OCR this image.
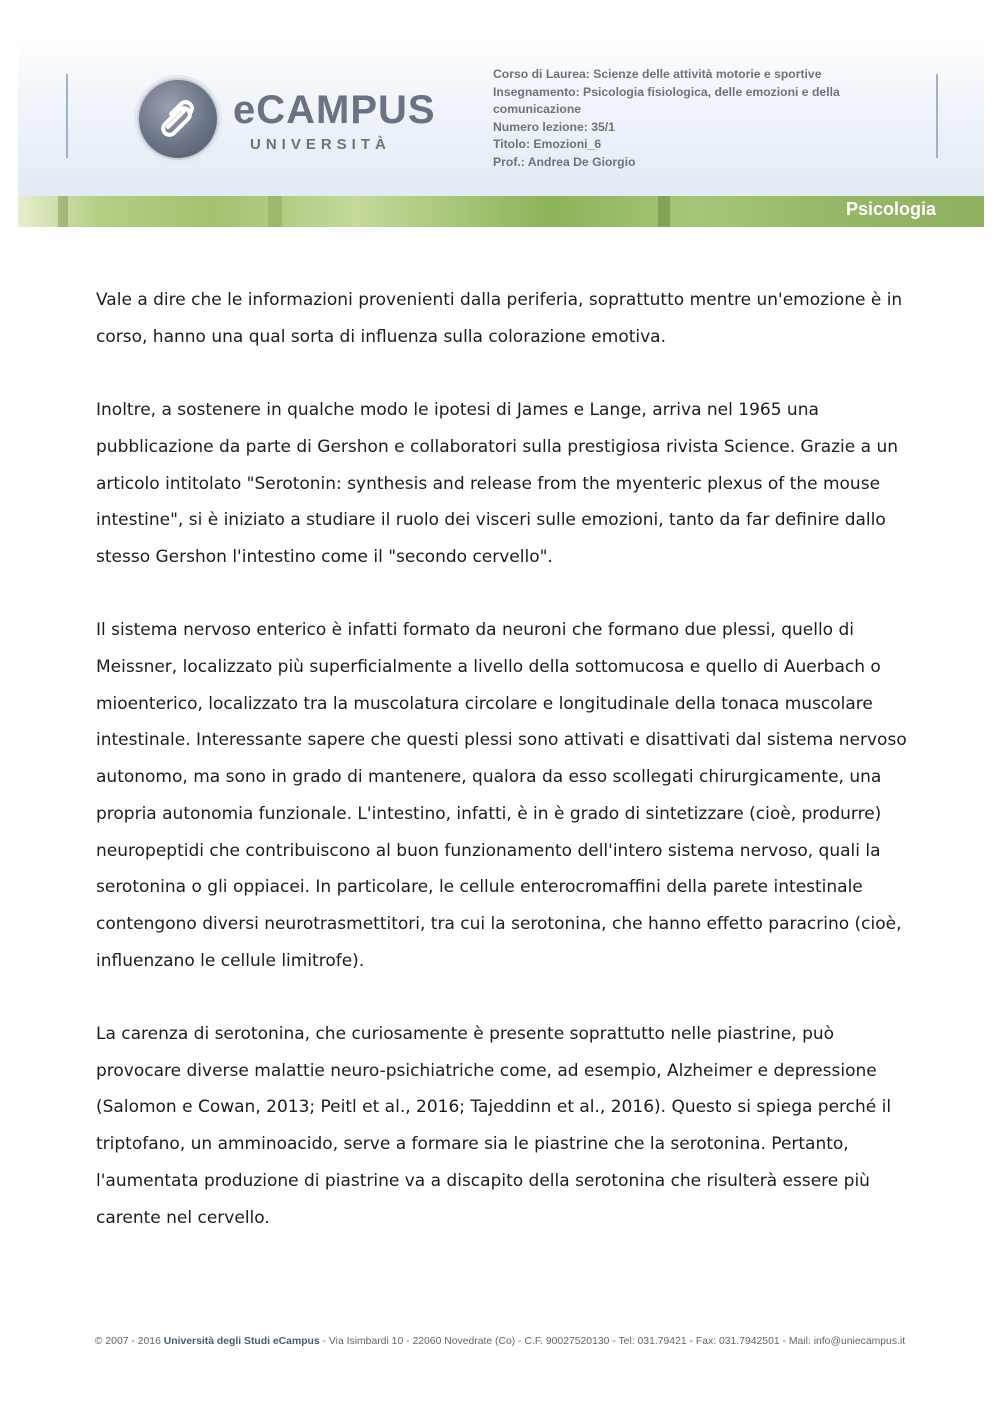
eCAMPUS
UNIVERSITÀ
Corso di Laurea: Scienze delle attività motorie e sportive
Insegnamento: Psicologia fisiologica, delle emozioni e della
comunicazione
Numero lezione: 35/1
Titolo: Emozioni_6
Prof.: Andrea De Giorgio
Psicologia

Vale a dire che le informazioni provenienti dalla periferia, soprattutto mentre un'emozione è in corso, hanno una qual sorta di influenza sulla colorazione emotiva.

Inoltre, a sostenere in qualche modo le ipotesi di James e Lange, arriva nel 1965 una pubblicazione da parte di Gershon e collaboratori sulla prestigiosa rivista Science. Grazie a un articolo intitolato "Serotonin: synthesis and release from the myenteric plexus of the mouse intestine", si è iniziato a studiare il ruolo dei visceri sulle emozioni, tanto da far definire dallo stesso Gershon l'intestino come il "secondo cervello".

Il sistema nervoso enterico è infatti formato da neuroni che formano due plessi, quello di Meissner, localizzato più superficialmente a livello della sottomucosa e quello di Auerbach o mioenterico, localizzato tra la muscolatura circolare e longitudinale della tonaca muscolare intestinale. Interessante sapere che questi plessi sono attivati e disattivati dal sistema nervoso autonomo, ma sono in grado di mantenere, qualora da esso scollegati chirurgicamente, una propria autonomia funzionale. L'intestino, infatti, è in è grado di sintetizzare (cioè, produrre) neuropeptidi che contribuiscono al buon funzionamento dell'intero sistema nervoso, quali la serotonina o gli oppiacei. In particolare, le cellule enterocromaffini della parete intestinale contengono diversi neurotrasmettitori, tra cui la serotonina, che hanno effetto paracrino (cioè, influenzano le cellule limitrofe).

La carenza di serotonina, che curiosamente è presente soprattutto nelle piastrine, può provocare diverse malattie neuro-psichiatriche come, ad esempio, Alzheimer e depressione (Salomon e Cowan, 2013; Peitl et al., 2016; Tajeddinn et al., 2016). Questo si spiega perché il triptofano, un amminoacido, serve a formare sia le piastrine che la serotonina. Pertanto, l'aumentata produzione di piastrine va a discapito della serotonina che risulterà essere più carente nel cervello.

© 2007 - 2016 Università degli Studi eCampus - Via Isimbardi 10 - 22060 Novedrate (Co) - C.F. 90027520130 - Tel: 031.79421 - Fax: 031.7942501 - Mail: info@uniecampus.it
